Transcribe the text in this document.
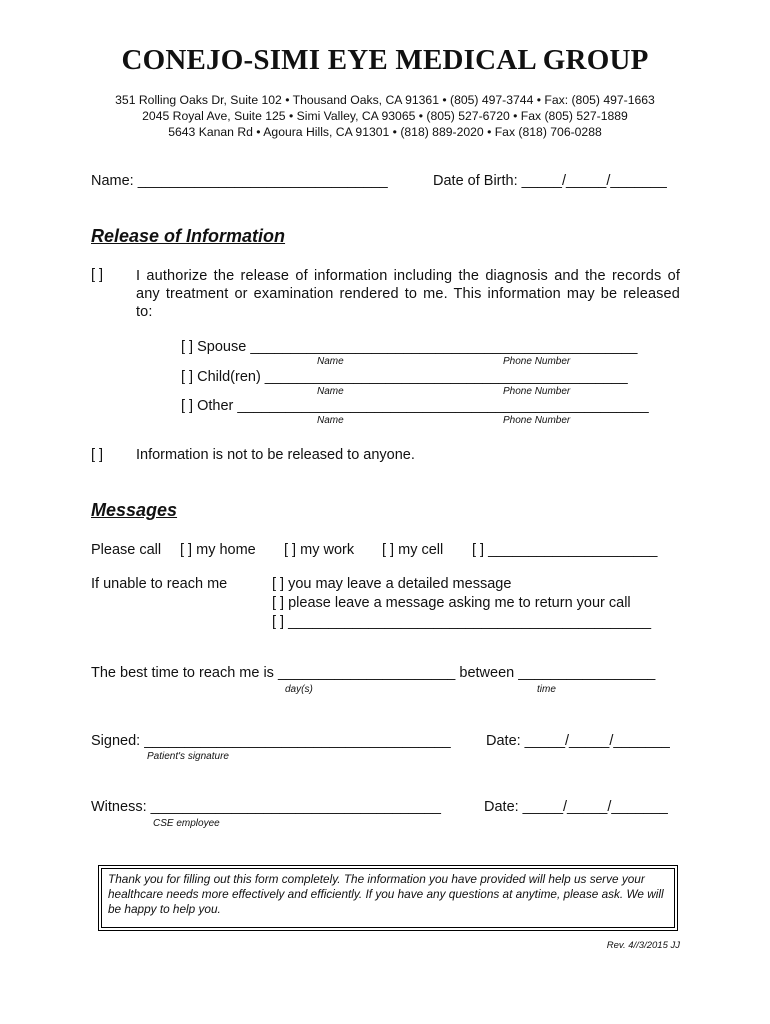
CONEJO-SIMI EYE MEDICAL GROUP
351 Rolling Oaks Dr, Suite 102 • Thousand Oaks, CA 91361 • (805) 497-3744 • Fax: (805) 497-1663
2045 Royal Ave, Suite 125 • Simi Valley, CA 93065 • (805) 527-6720 • Fax (805) 527-1889
5643 Kanan Rd • Agoura Hills, CA 91301 • (818) 889-2020 • Fax (818) 706-0288
Name: _______________________________	Date of Birth: _____/_____/_______
Release of Information
[ ] I authorize the release of information including the diagnosis and the records of any treatment or examination rendered to me. This information may be released to:
[ ] Spouse ________________________________________________
Name	Phone Number
[ ] Child(ren) _____________________________________________
Name	Phone Number
[ ] Other ___________________________________________________
Name	Phone Number
[ ] Information is not to be released to anyone.
Messages
Please call [ ] my home [ ] my work [ ] my cell [ ] _____________________
If unable to reach me	[ ] you may leave a detailed message
[ ] please leave a message asking me to return your call
[ ] _____________________________________________
The best time to reach me is ______________________ between _________________
day(s)	time
Signed: ______________________________________ Date: _____/_____/_______
Patient's signature
Witness: ____________________________________	Date: _____/_____/_______
CSE employee
Thank you for filling out this form completely. The information you have provided will help us serve your healthcare needs more effectively and efficiently. If you have any questions at anytime, please ask. We will be happy to help you.
Rev. 4//3/2015 JJ
